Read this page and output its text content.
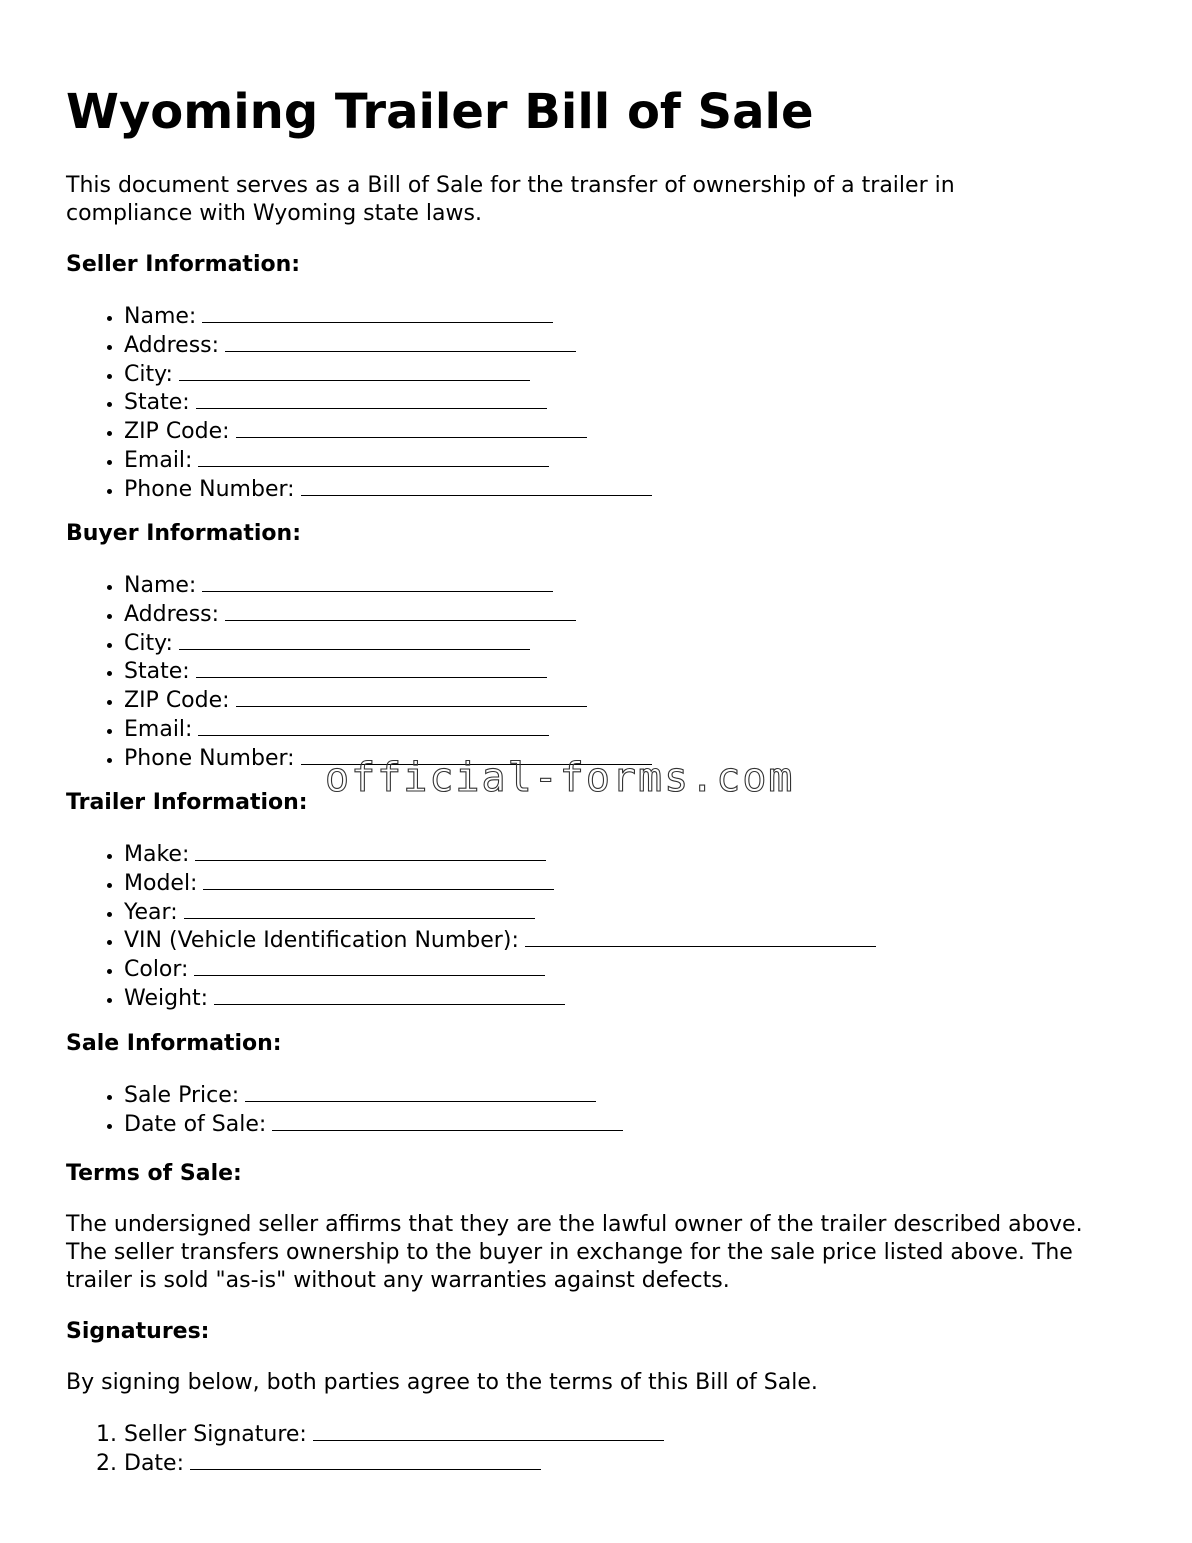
Wyoming Trailer Bill of Sale

This document serves as a Bill of Sale for the transfer of ownership of a trailer in compliance with Wyoming state laws.

Seller Information:
• Name:
• Address:
• City:
• State:
• ZIP Code:
• Email:
• Phone Number:
Buyer Information:
• Name:
• Address:
• City:
• State:
• ZIP Code:
• Email:
• Phone Number:
Trailer Information:
• Make:
• Model:
• Year:
• VIN (Vehicle Identification Number):
• Color:
• Weight:
Sale Information:
• Sale Price:
• Date of Sale:
Terms of Sale:

The undersigned seller affirms that they are the lawful owner of the trailer described above. The seller transfers ownership to the buyer in exchange for the sale price listed above. The trailer is sold "as-is" without any warranties against defects.

Signatures:

By signing below, both parties agree to the terms of this Bill of Sale.

1. Seller Signature:
2. Date:
official-forms.com
